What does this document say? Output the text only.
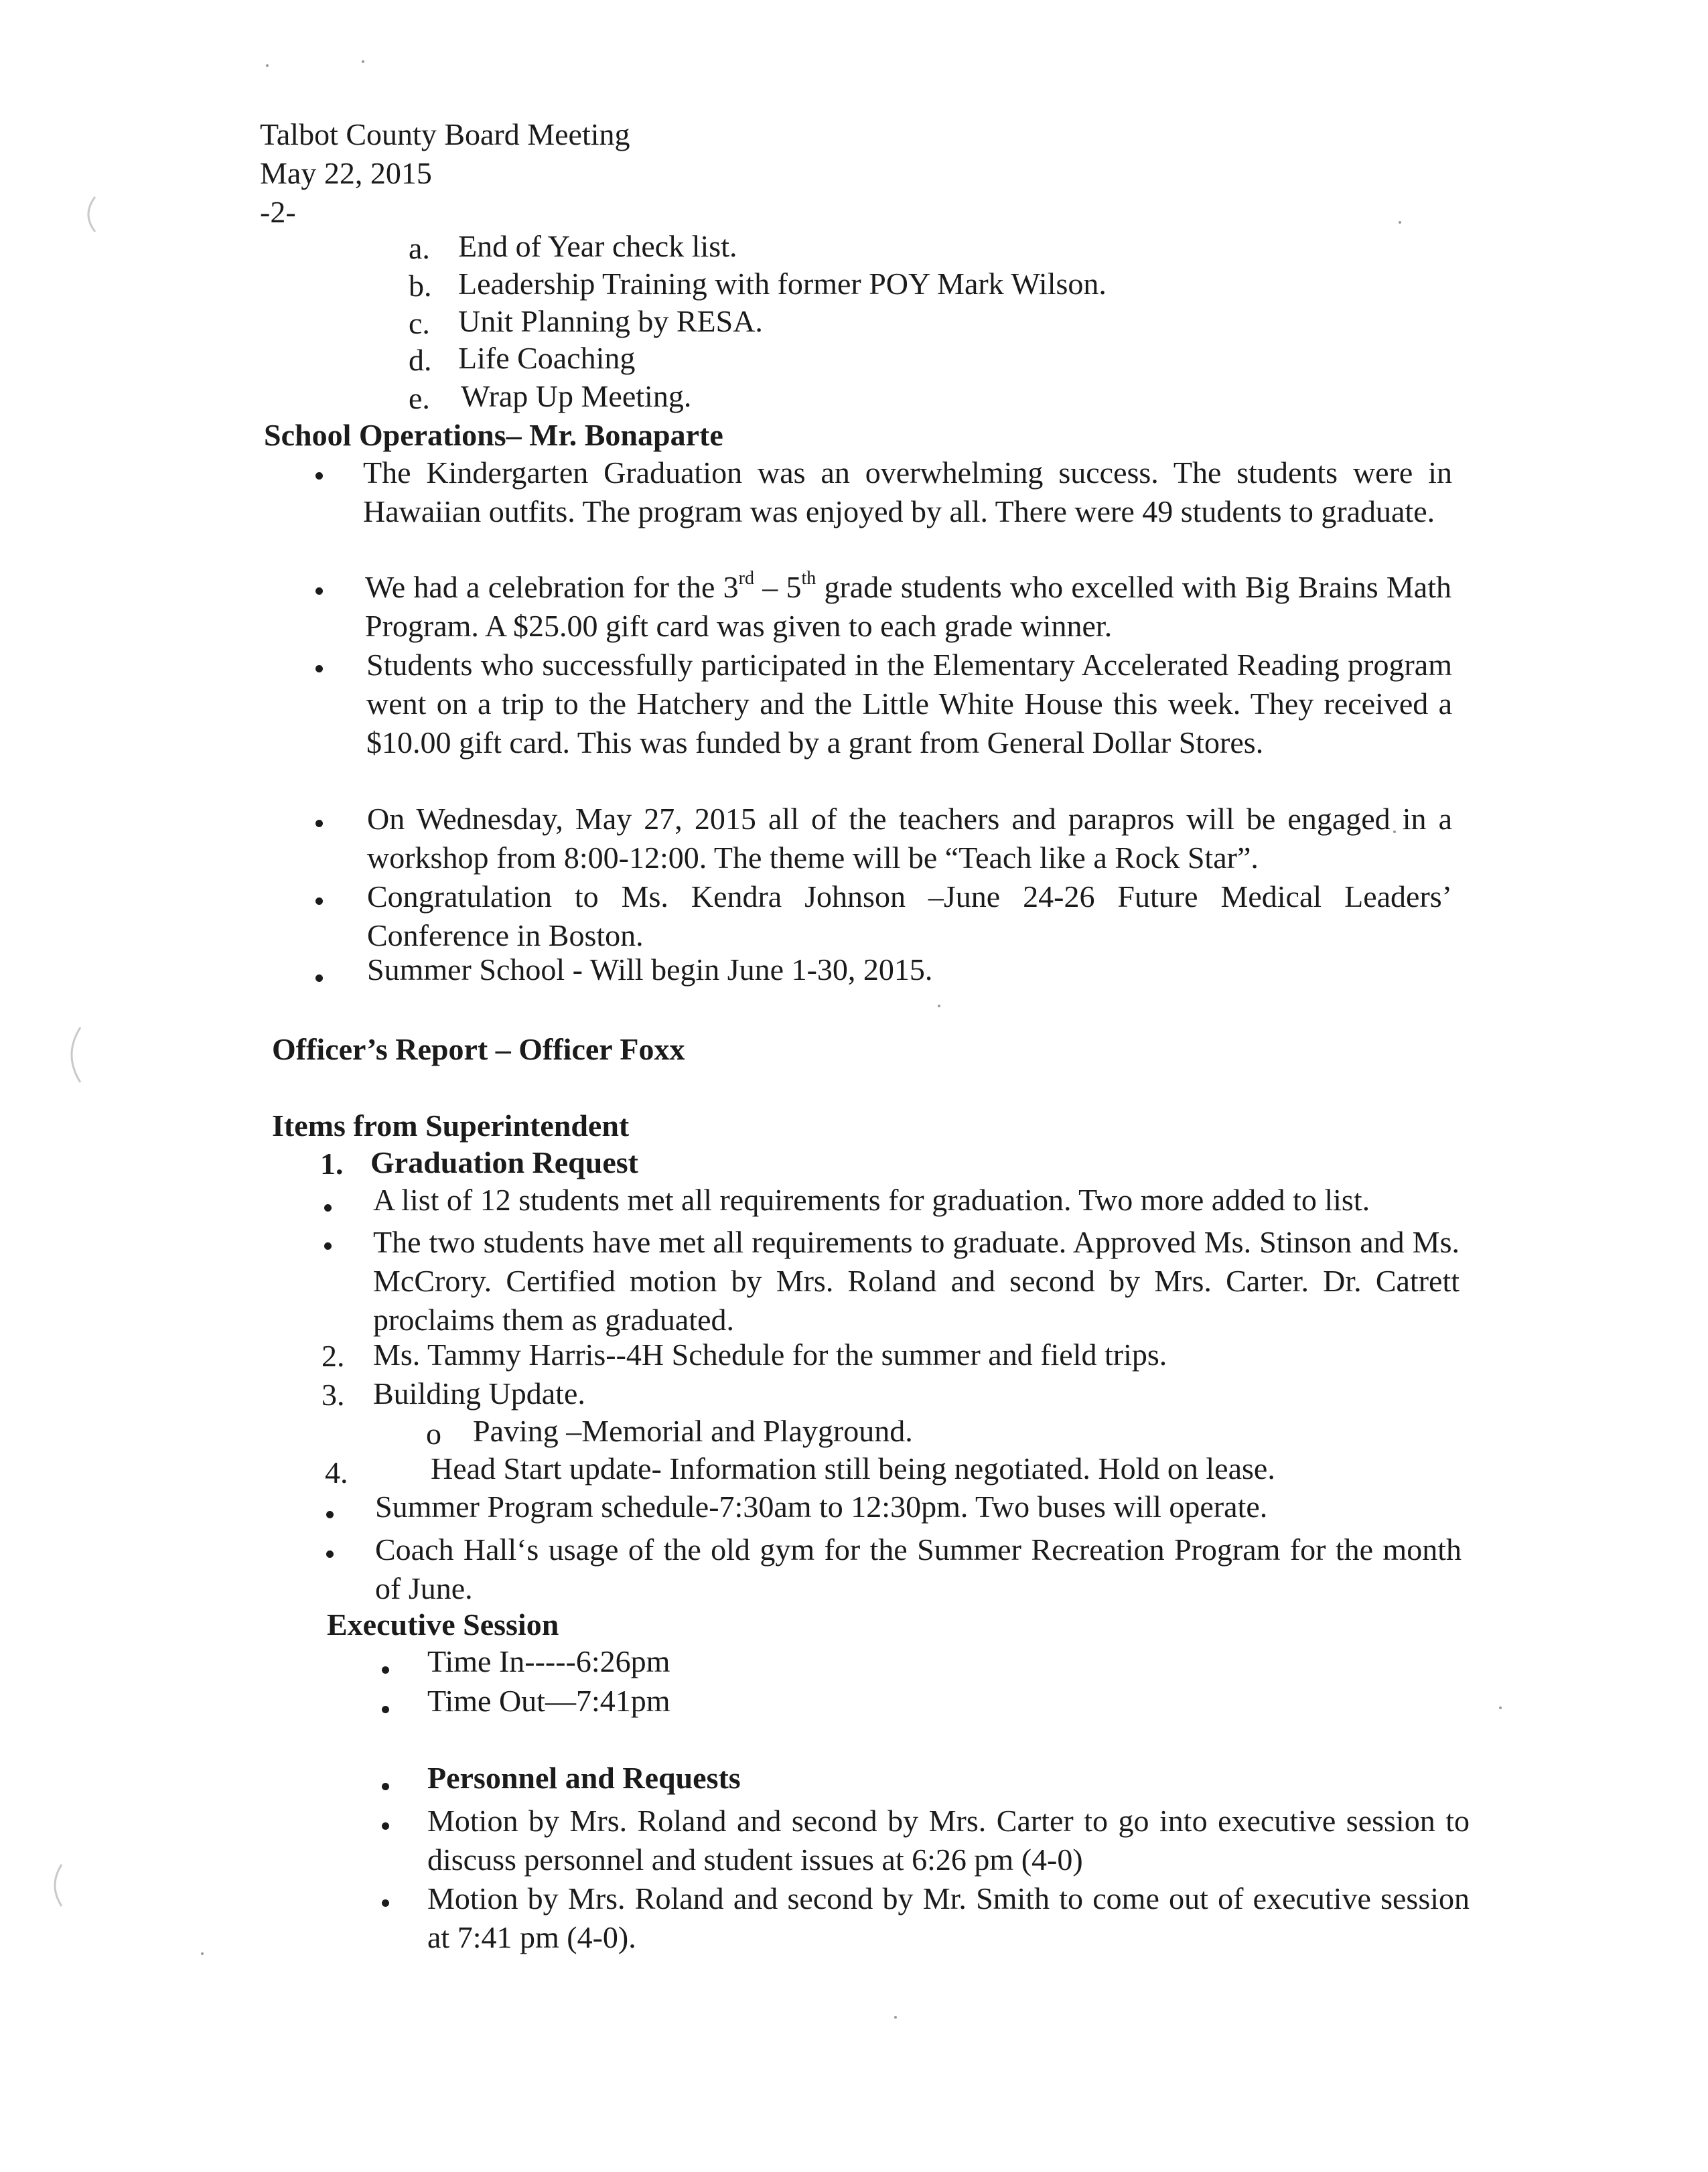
Talbot County Board Meeting
May 22, 2015
-2-
a. End of Year check list.
b. Leadership Training with former POY Mark Wilson.
c. Unit Planning by RESA.
d. Life Coaching
e. Wrap Up Meeting.
School Operations– Mr. Bonaparte
The Kindergarten Graduation was an overwhelming success. The students were in Hawaiian outfits. The program was enjoyed by all. There were 49 students to graduate.
We had a celebration for the 3rd – 5th grade students who excelled with Big Brains Math Program. A $25.00 gift card was given to each grade winner.
Students who successfully participated in the Elementary Accelerated Reading program went on a trip to the Hatchery and the Little White House this week. They received a $10.00 gift card. This was funded by a grant from General Dollar Stores.
On Wednesday, May 27, 2015 all of the teachers and parapros will be engaged in a workshop from 8:00-12:00. The theme will be “Teach like a Rock Star”.
Congratulation to Ms. Kendra Johnson –June 24-26 Future Medical Leaders’ Conference in Boston.
Summer School - Will begin June 1-30, 2015.
Officer’s Report – Officer Foxx
Items from Superintendent
1. Graduation Request
A list of 12 students met all requirements for graduation. Two more added to list.
The two students have met all requirements to graduate. Approved Ms. Stinson and Ms. McCrory. Certified motion by Mrs. Roland and second by Mrs. Carter. Dr. Catrett proclaims them as graduated.
2. Ms. Tammy Harris--4H Schedule for the summer and field trips.
3. Building Update.
o Paving –Memorial and Playground.
4.	Head Start update- Information still being negotiated. Hold on lease.
Summer Program schedule-7:30am to 12:30pm. Two buses will operate.
Coach Hall‘s usage of the old gym for the Summer Recreation Program for the month of June.
Executive Session
Time In-----6:26pm
Time Out—7:41pm
Personnel and Requests
Motion by Mrs. Roland and second by Mrs. Carter to go into executive session to discuss personnel and student issues at 6:26 pm (4-0)
Motion by Mrs. Roland and second by Mr. Smith to come out of executive session at 7:41 pm (4-0).
